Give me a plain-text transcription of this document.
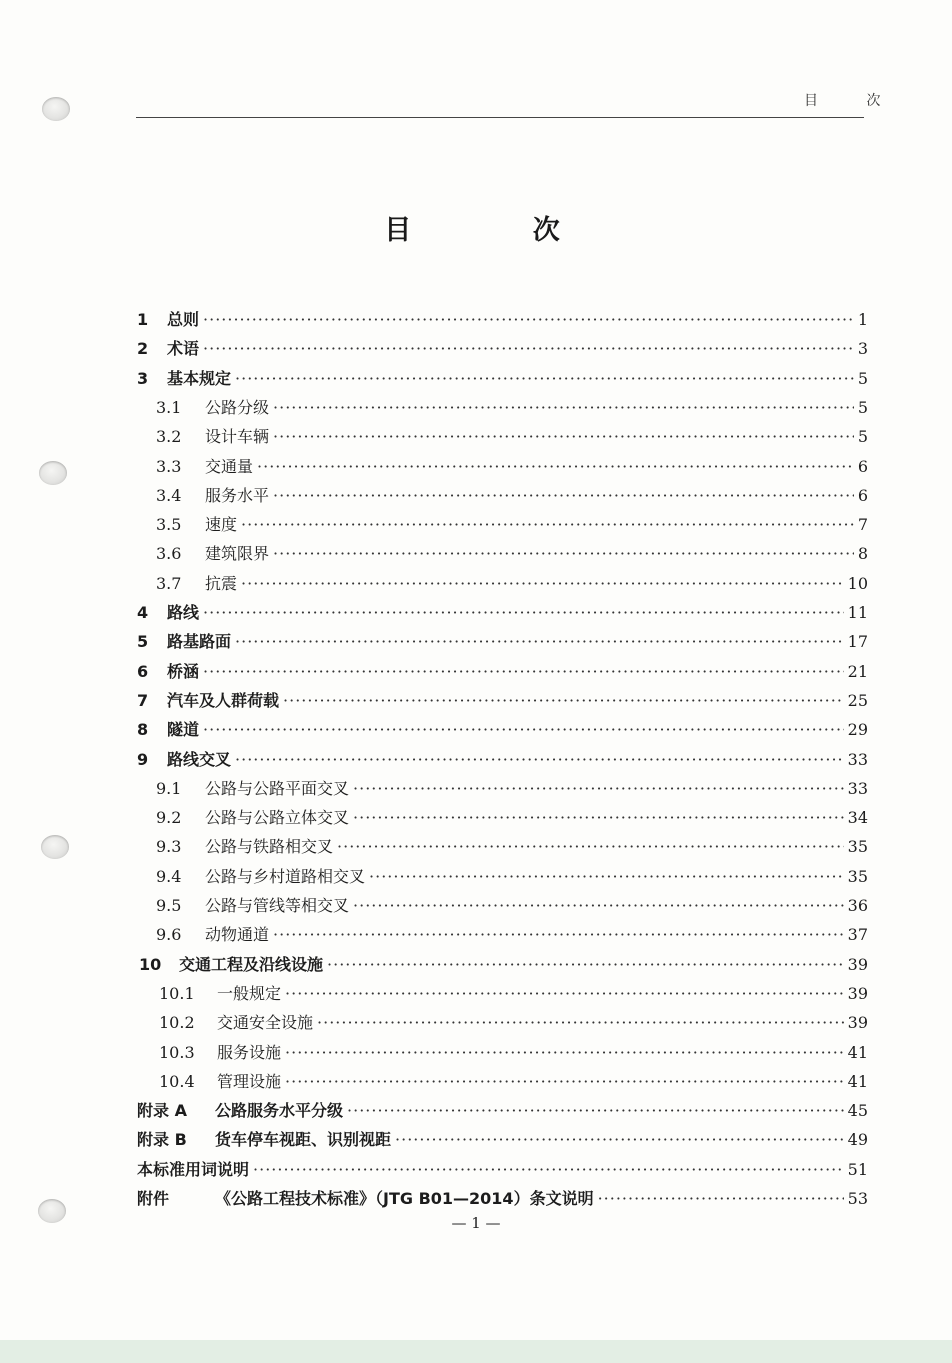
目 次
目 次
1 总则 ·····	1
2 术语 ·····	3
3 基本规定 ·····	5
3.1	公路分级 ·····	5
3.2	设计车辆 ·····	5
3.3	交通量 ·····	6
3.4	服务水平 ·····	6
3.5	速度 ·····	7
3.6	建筑限界 ·····	8
3.7	抗震 ·····	10
4 路线 ·····	11
5 路基路面 ·····	17
6 桥涵 ·····	21
7 汽车及人群荷载 ·····	25
8 隧道 ·····	29
9 路线交叉 ·····	33
9.1	公路与公路平面交叉 ·····	33
9.2	公路与公路立体交叉 ·····	34
9.3	公路与铁路相交叉 ·····	35
9.4	公路与乡村道路相交叉 ·····	35
9.5	公路与管线等相交叉 ·····	36
9.6	动物通道 ·····	37
10 交通工程及沿线设施 ·····	39
10.1 一般规定 ·····	39
10.2 交通安全设施 ·····	39
10.3 服务设施 ·····	41
10.4 管理设施 ·····	41
附录 A	公路服务水平分级 ·····	45
附录 B	货车停车视距、识别视距 ·····	49
本标准用词说明 ·····	51
附件	《公路工程技术标准》（JTG B01—2014）条文说明 ·····	53
— 1 —
